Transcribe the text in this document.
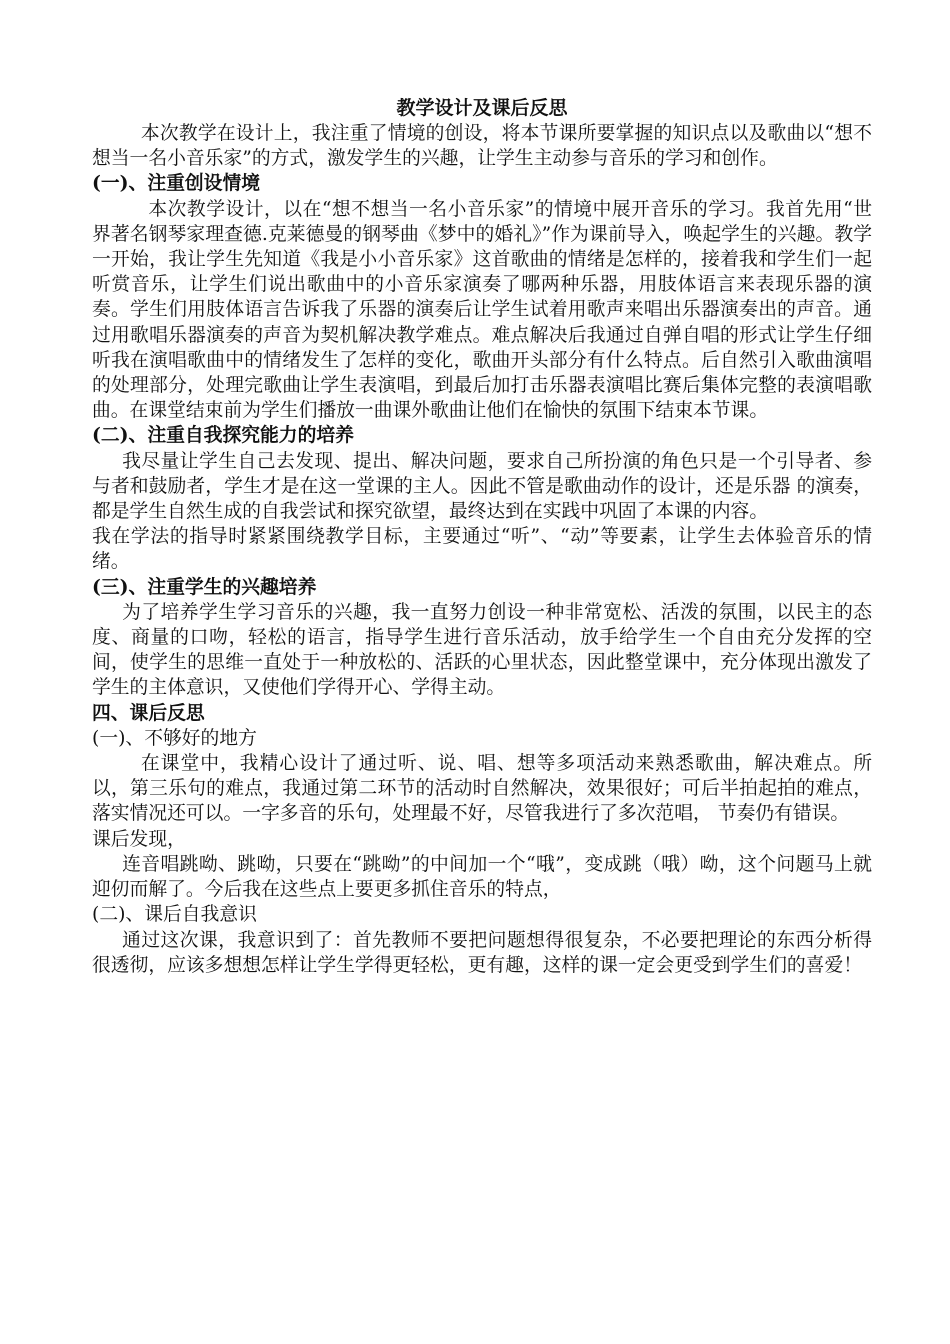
教学设计及课后反思

本次教学在设计上，我注重了情境的创设，将本节课所要掌握的知识点以及歌曲以“想不想当一名小音乐家”的方式，激发学生的兴趣，让学生主动参与音乐的学习和创作。

(一)、注重创设情境

本次教学设计，以在“想不想当一名小音乐家”的情境中展开音乐的学习。我首先用“世界著名钢琴家理查德.克莱德曼的钢琴曲《梦中的婚礼》”作为课前导入，唤起学生的兴趣。教学一开始，我让学生先知道《我是小小音乐家》这首歌曲的情绪是怎样的，接着我和学生们一起听赏音乐，让学生们说出歌曲中的小音乐家演奏了哪两种乐器，用肢体语言来表现乐器的演奏。学生们用肢体语言告诉我了乐器的演奏后让学生试着用歌声来唱出乐器演奏出的声音。通过用歌唱乐器演奏的声音为契机解决教学难点。难点解决后我通过自弹自唱的形式让学生仔细听我在演唱歌曲中的情绪发生了怎样的变化，歌曲开头部分有什么特点。后自然引入歌曲演唱的处理部分，处理完歌曲让学生表演唱，到最后加打击乐器表演唱比赛后集体完整的表演唱歌曲。在课堂结束前为学生们播放一曲课外歌曲让他们在愉快的氛围下结束本节课。

(二)、注重自我探究能力的培养

我尽量让学生自己去发现、提出、解决问题，要求自己所扮演的角色只是一个引导者、参与者和鼓励者，学生才是在这一堂课的主人。因此不管是歌曲动作的设计，还是乐器 的演奏，都是学生自然生成的自我尝试和探究欲望，最终达到在实践中巩固了本课的内容。

我在学法的指导时紧紧围绕教学目标，主要通过“听”、“动”等要素，让学生去体验音乐的情绪。

(三)、注重学生的兴趣培养

为了培养学生学习音乐的兴趣，我一直努力创设一种非常宽松、活泼的氛围，以民主的态度、商量的口吻，轻松的语言，指导学生进行音乐活动，放手给学生一个自由充分发挥的空间，使学生的思维一直处于一种放松的、活跃的心里状态，因此整堂课中，充分体现出激发了学生的主体意识，又使他们学得开心、学得主动。

四、课后反思

(一)、不够好的地方

在课堂中，我精心设计了通过听、说、唱、想等多项活动来熟悉歌曲，解决难点。所以，第三乐句的难点，我通过第二环节的活动时自然解决，效果很好；可后半拍起拍的难点，落实情况还可以。一字多音的乐句，处理最不好，尽管我进行了多次范唱， 节奏仍有错误。

课后发现，

连音唱跳呦、跳呦，只要在“跳呦”的中间加一个“哦”，变成跳（哦）呦，这个问题马上就迎仞而解了。今后我在这些点上要更多抓住音乐的特点，

(二)、课后自我意识

通过这次课，我意识到了：首先教师不要把问题想得很复杂，不必要把理论的东西分析得很透彻，应该多想想怎样让学生学得更轻松，更有趣，这样的课一定会更受到学生们的喜爱！
